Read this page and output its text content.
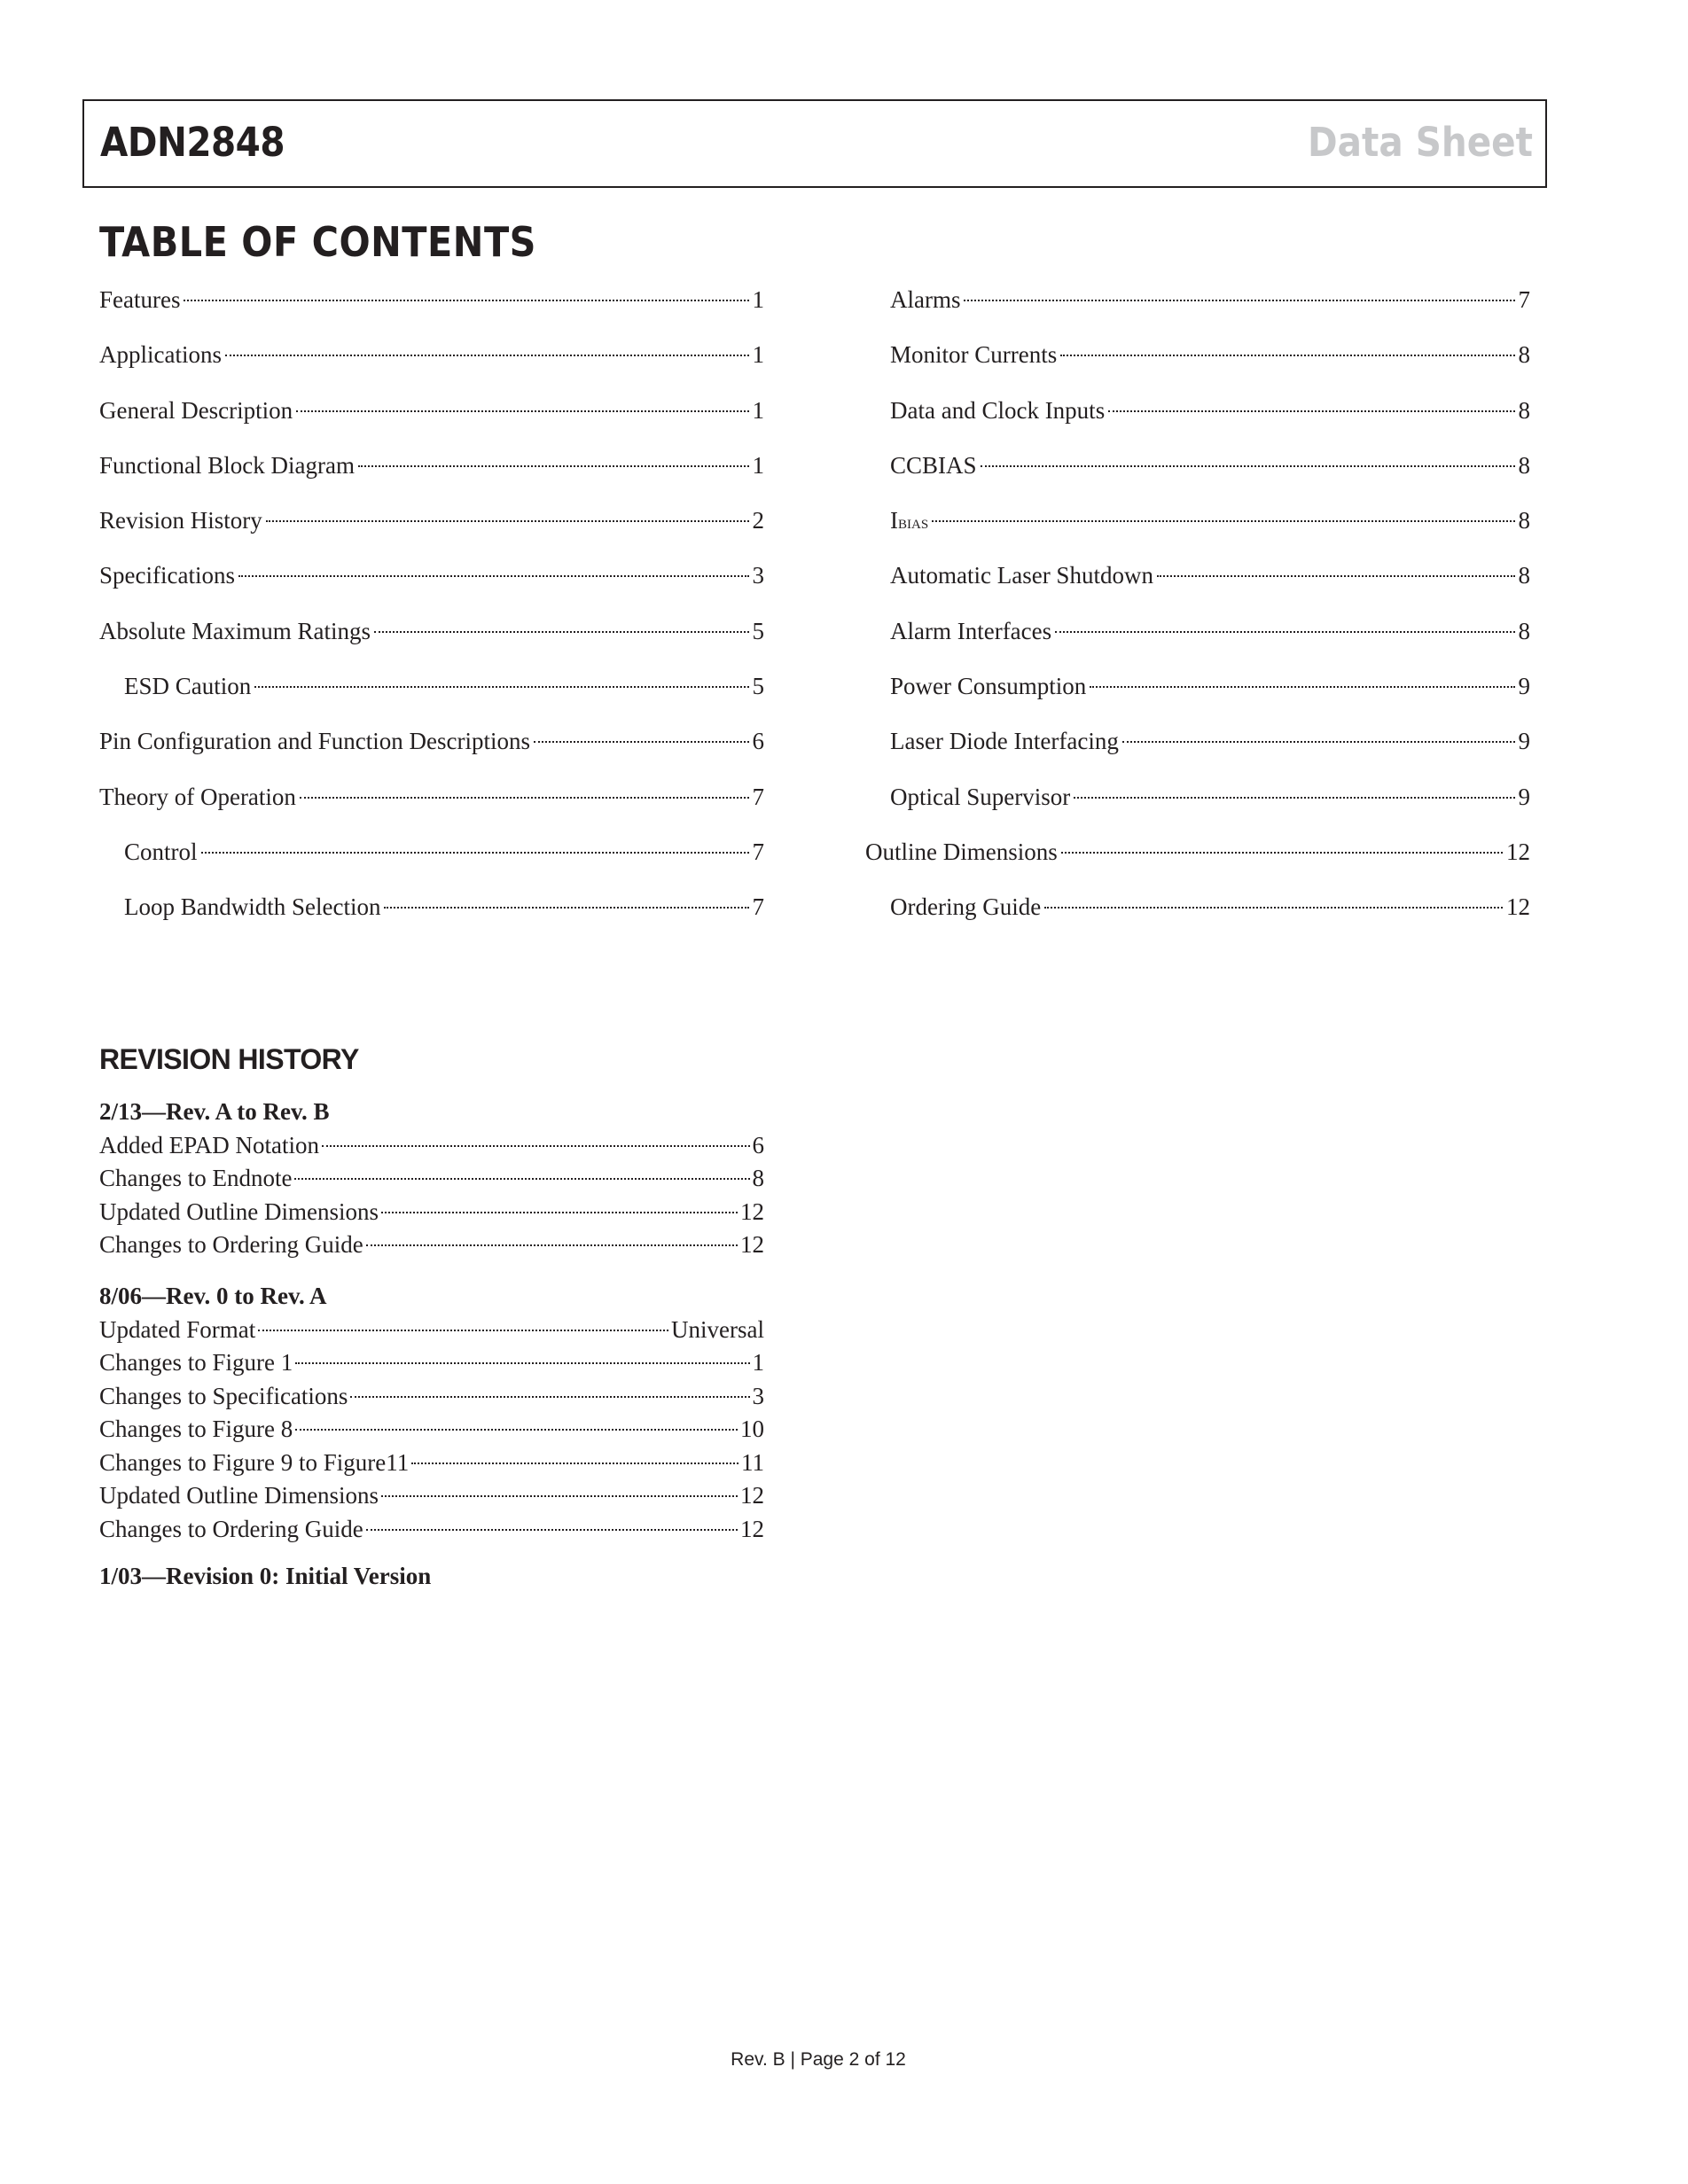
ADN2848	Data Sheet
TABLE OF CONTENTS
Features	1
Applications	1
General Description	1
Functional Block Diagram	1
Revision History	2
Specifications	3
Absolute Maximum Ratings	5
ESD Caution	5
Pin Configuration and Function Descriptions	6
Theory of Operation	7
Control	7
Loop Bandwidth Selection	7
Alarms	7
Monitor Currents	8
Data and Clock Inputs	8
CCBIAS	8
IBIAS	8
Automatic Laser Shutdown	8
Alarm Interfaces	8
Power Consumption	9
Laser Diode Interfacing	9
Optical Supervisor	9
Outline Dimensions	12
Ordering Guide	12
REVISION HISTORY
2/13—Rev. A to Rev. B
Added EPAD Notation	6
Changes to Endnote	8
Updated Outline Dimensions	12
Changes to Ordering Guide	12
8/06—Rev. 0 to Rev. A
Updated Format	Universal
Changes to Figure 1	1
Changes to Specifications	3
Changes to Figure 8	10
Changes to Figure 9 to Figure11	11
Updated Outline Dimensions	12
Changes to Ordering Guide	12
1/03—Revision 0: Initial Version
Rev. B | Page 2 of 12
